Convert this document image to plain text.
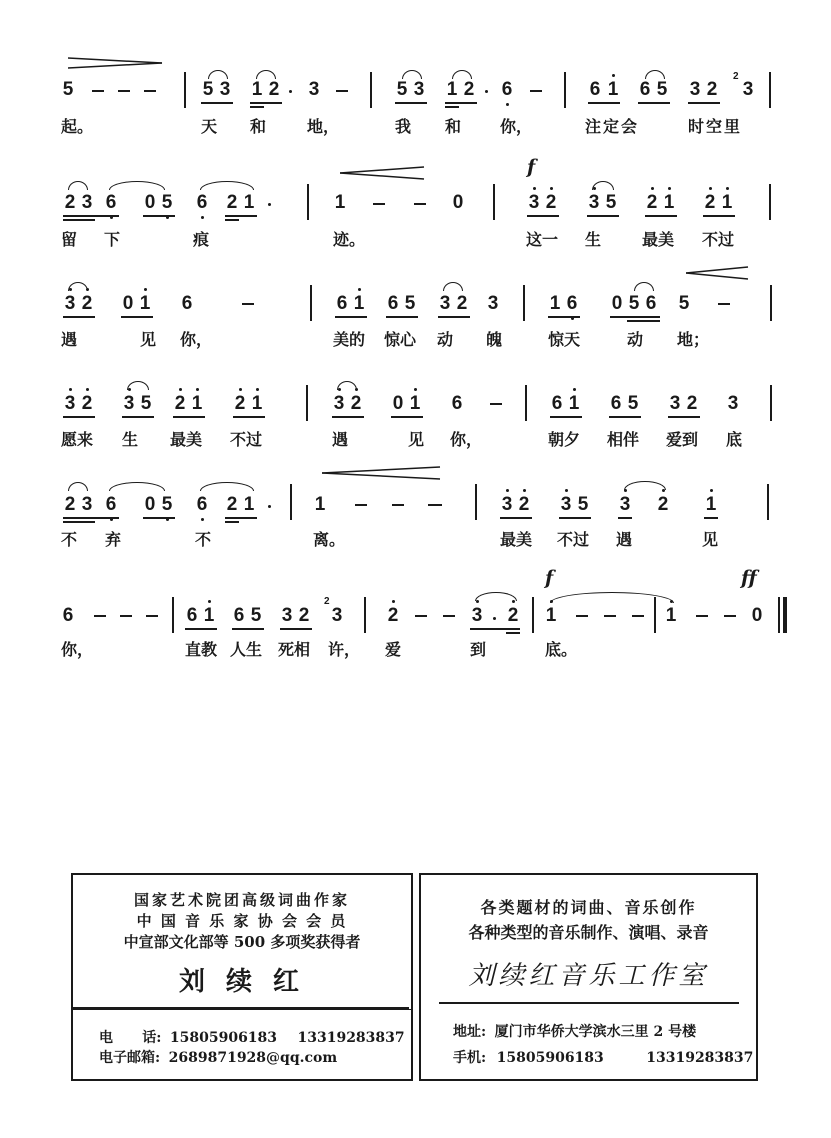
5	5 3 1 2 3	5 3 1 2 6	6 1 6 5 3 2
2
3
起。	天 和	地，	我 和 你，	注定会	时空里
2 3 6 0 5 6 2 1	1	0
f
3 2 3 5 2 1 2 1
留 下	痕	迹。	这一 生	最美 不过
3 2 0 1 6	6 1 6 5 3 2 3	1 6 0 5 6 5
遇	见 你，	美的 惊心 动 魄	惊天	动 地；
3 2 3 5 2 1 2 1	3 2 0 1 6	6 1 6 5 3 2 3
愿来 生 最美 不过	遇	见 你，	朝夕 相伴 爱到 底
2 3 6 0 5 6 2 1	1	3 2 3 5 3 2 1
不 弃	不	离。	最美 不过 遇	见
6	6 1 6 5 3 2
2
3 2	3 2
f
1	1
ff
0
你，	直教 人生 死相 许， 爱	到	底。
国家艺术院团高级词曲作家
中 国 音 乐 家 协 会 会 员
中宣部文化部等 500 多项奖获得者
刘 续 红
电      话: 15805906183 13319283837
电子邮箱: 2689871928@qq.com
各类题材的词曲、音乐创作
各种类型的音乐制作、演唱、录音
刘续红音乐工作室
地址: 厦门市华侨大学滨水三里 2 号楼
手机: 15805906183	13319283837
